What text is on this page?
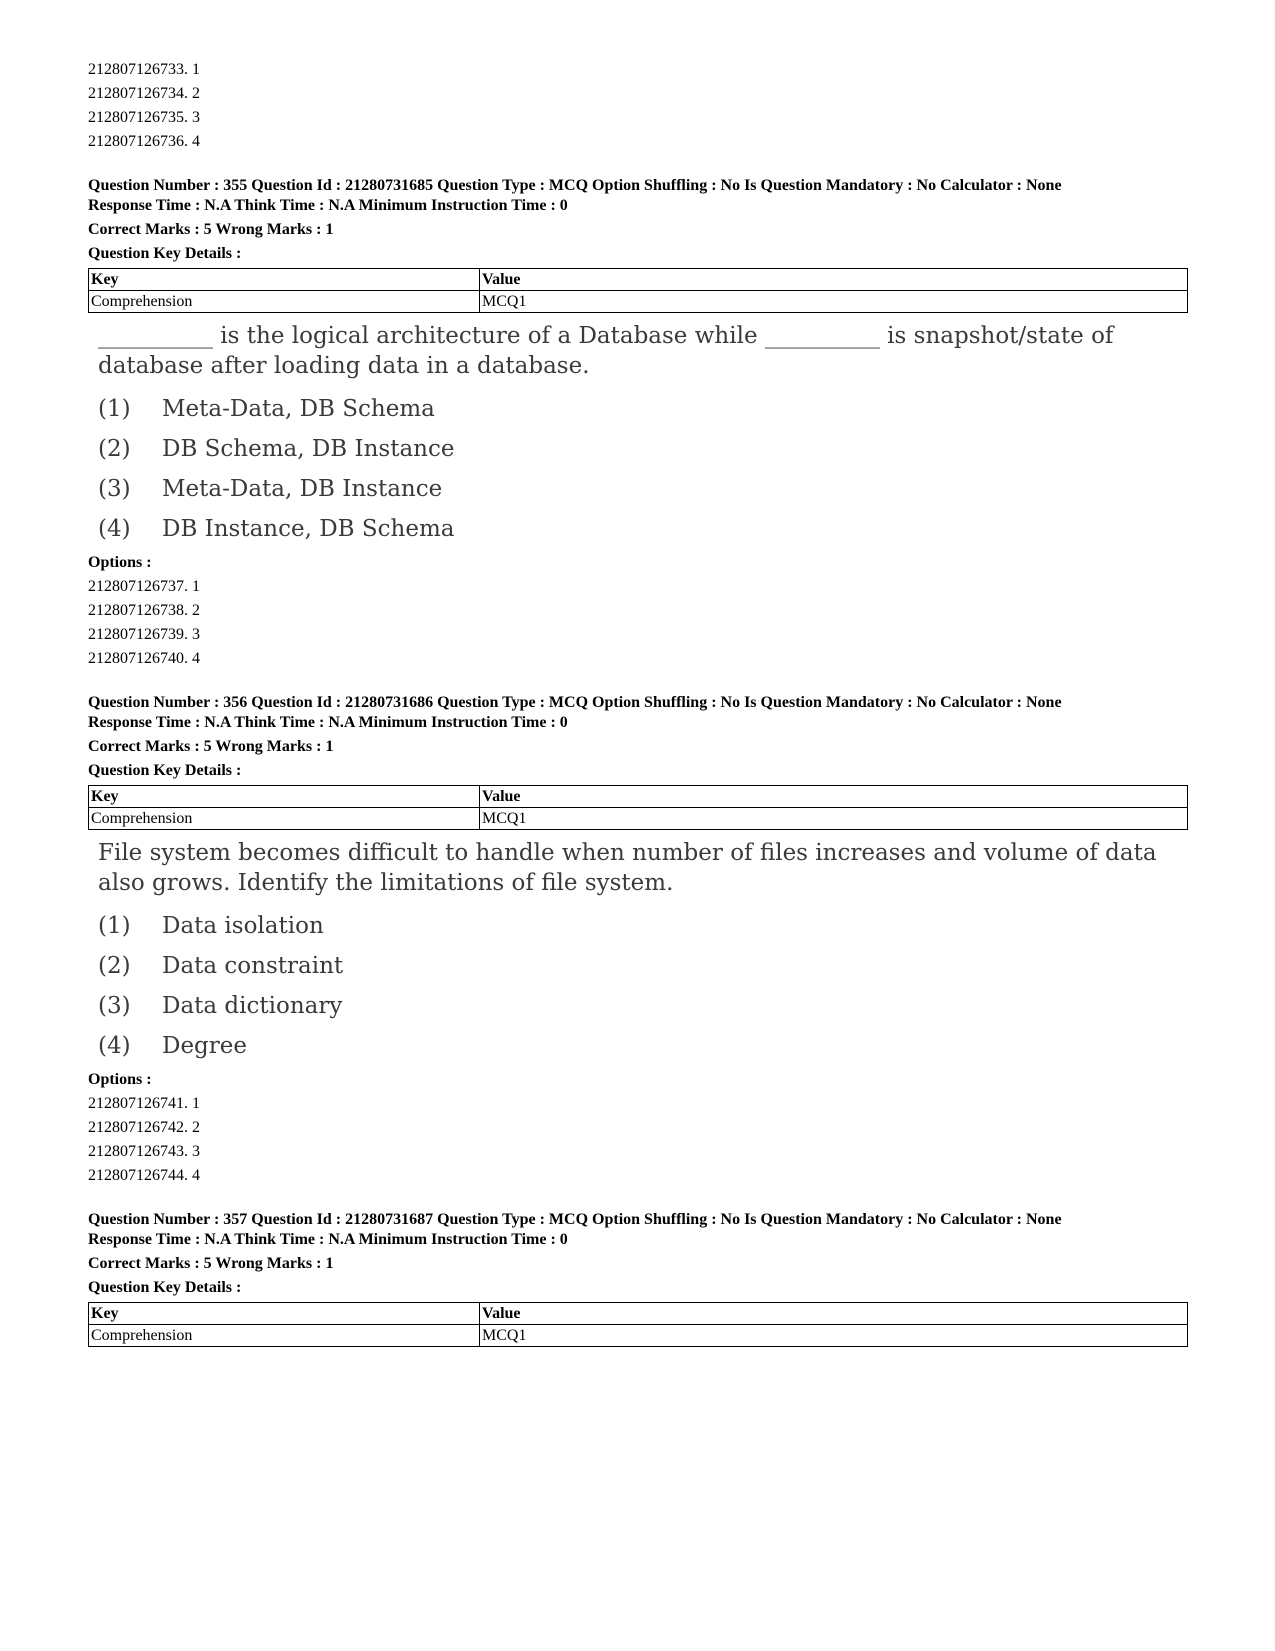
212807126733. 1
212807126734. 2
212807126735. 3
212807126736. 4
Question Number : 355 Question Id : 21280731685 Question Type : MCQ Option Shuffling : No Is Question Mandatory : No Calculator : None
Response Time : N.A Think Time : N.A Minimum Instruction Time : 0
Correct Marks : 5 Wrong Marks : 1
Question Key Details :
Key	Value
Comprehension	MCQ1
__________ is the logical architecture of a Database while __________ is snapshot/state of database after loading data in a database.
(1) Meta-Data, DB Schema
(2) DB Schema, DB Instance
(3) Meta-Data, DB Instance
(4) DB Instance, DB Schema
Options :
212807126737. 1
212807126738. 2
212807126739. 3
212807126740. 4
Question Number : 356 Question Id : 21280731686 Question Type : MCQ Option Shuffling : No Is Question Mandatory : No Calculator : None
Response Time : N.A Think Time : N.A Minimum Instruction Time : 0
Correct Marks : 5 Wrong Marks : 1
Question Key Details :
Key	Value
Comprehension	MCQ1
File system becomes difficult to handle when number of files increases and volume of data also grows. Identify the limitations of file system.
(1) Data isolation
(2) Data constraint
(3) Data dictionary
(4) Degree
Options :
212807126741. 1
212807126742. 2
212807126743. 3
212807126744. 4
Question Number : 357 Question Id : 21280731687 Question Type : MCQ Option Shuffling : No Is Question Mandatory : No Calculator : None
Response Time : N.A Think Time : N.A Minimum Instruction Time : 0
Correct Marks : 5 Wrong Marks : 1
Question Key Details :
Key	Value
Comprehension	MCQ1
